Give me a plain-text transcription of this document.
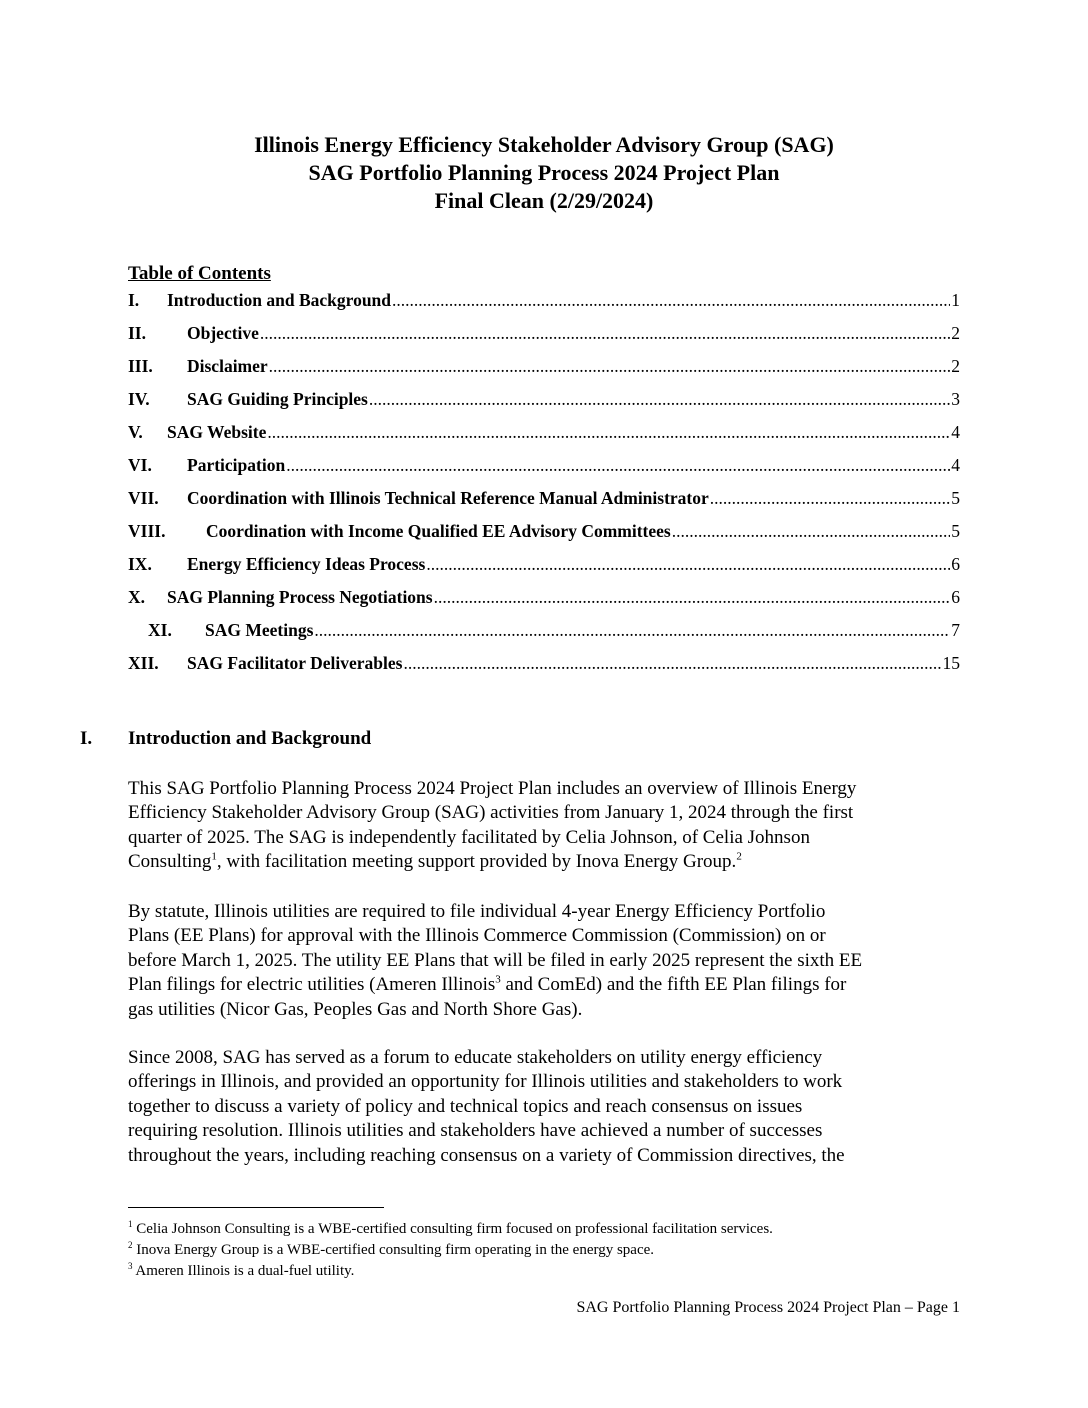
Illinois Energy Efficiency Stakeholder Advisory Group (SAG)
SAG Portfolio Planning Process 2024 Project Plan
Final Clean (2/29/2024)
Table of Contents
I.	Introduction and Background .....	1
II.	Objective .....	2
III.	Disclaimer .....	2
IV.	SAG Guiding Principles .....	3
V.	SAG Website .....	4
VI.	Participation .....	4
VII.	Coordination with Illinois Technical Reference Manual Administrator .....	5
VIII.	Coordination with Income Qualified EE Advisory Committees .....	5
IX.	Energy Efficiency Ideas Process .....	6
X.	SAG Planning Process Negotiations .....	6
XI.	SAG Meetings .....	7
XII.	SAG Facilitator Deliverables .....	15
I. Introduction and Background
This SAG Portfolio Planning Process 2024 Project Plan includes an overview of Illinois Energy
Efficiency Stakeholder Advisory Group (SAG) activities from January 1, 2024 through the first
quarter of 2025. The SAG is independently facilitated by Celia Johnson, of Celia Johnson
Consulting$^1$, with facilitation meeting support provided by Inova Energy Group.$^2$
By statute, Illinois utilities are required to file individual 4-year Energy Efficiency Portfolio
Plans (EE Plans) for approval with the Illinois Commerce Commission (Commission) on or
before March 1, 2025. The utility EE Plans that will be filed in early 2025 represent the sixth EE
Plan filings for electric utilities (Ameren Illinois$^3$ and ComEd) and the fifth EE Plan filings for
gas utilities (Nicor Gas, Peoples Gas and North Shore Gas).
Since 2008, SAG has served as a forum to educate stakeholders on utility energy efficiency
offerings in Illinois, and provided an opportunity for Illinois utilities and stakeholders to work
together to discuss a variety of policy and technical topics and reach consensus on issues
requiring resolution. Illinois utilities and stakeholders have achieved a number of successes
throughout the years, including reaching consensus on a variety of Commission directives, the
$^1$ Celia Johnson Consulting is a WBE-certified consulting firm focused on professional facilitation services.
$^2$ Inova Energy Group is a WBE-certified consulting firm operating in the energy space.
$^3$ Ameren Illinois is a dual-fuel utility.
SAG Portfolio Planning Process 2024 Project Plan – Page 1
